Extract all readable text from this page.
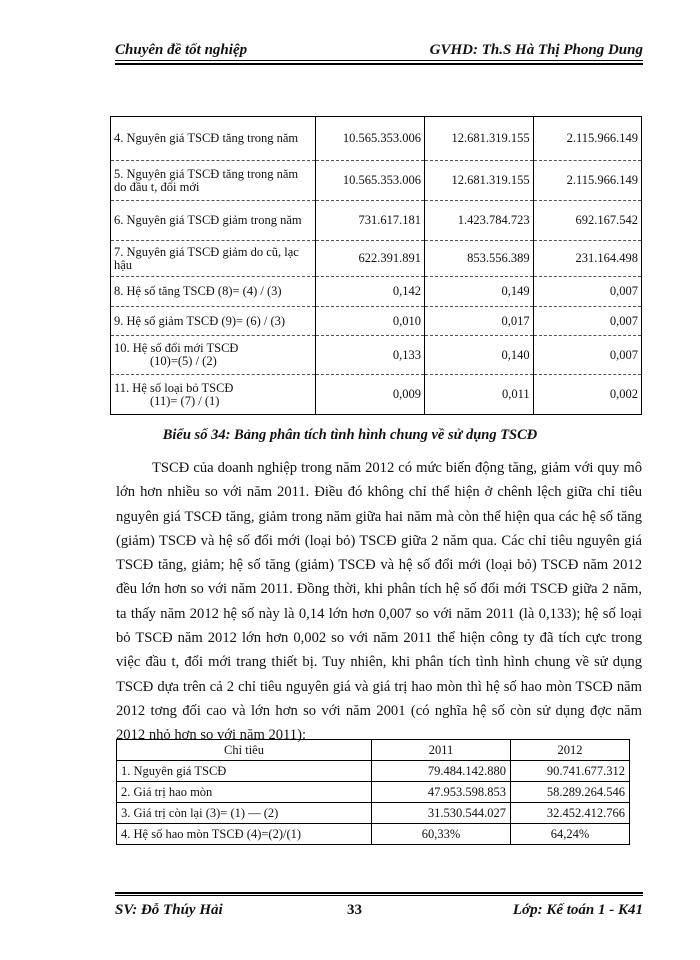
Chuyên đề tốt nghiệp	GVHD: Th.S Hà Thị Phong Dung
4. Nguyên giá TSCĐ tăng trong năm	10.565.353.006	12.681.319.155	2.115.966.149
5. Nguyên giá TSCĐ tăng trong năm do đầu t, đổi mới	10.565.353.006	12.681.319.155	2.115.966.149
6. Nguyên giá TSCĐ giảm trong năm	731.617.181	1.423.784.723	692.167.542
7. Nguyên giá TSCĐ giảm do cũ, lạc hậu	622.391.891	853.556.389	231.164.498
8. Hệ số tăng TSCĐ (8)= (4) / (3)	0,142	0,149	0,007
9. Hệ số giảm TSCĐ (9)= (6) / (3)	0,010	0,017	0,007
10. Hệ số đổi mới TSCĐ
(10)=(5) / (2)	0,133	0,140	0,007
11. Hệ số loại bỏ TSCĐ
(11)= (7) / (1)	0,009	0,011	0,002
Biểu số 34: Bảng phân tích tình hình chung về sử dụng TSCĐ

TSCĐ của doanh nghiệp trong năm 2012 có mức biến động tăng, giảm với quy mô lớn hơn nhiều so với năm 2011. Điều đó không chỉ thể hiện ở chênh lệch giữa chỉ tiêu nguyên giá TSCĐ tăng, giảm trong năm giữa hai năm mà còn thể hiện qua các hệ số tăng (giảm) TSCĐ và hệ số đổi mới (loại bỏ) TSCĐ giữa 2 năm qua. Các chỉ tiêu nguyên giá TSCĐ tăng, giảm; hệ số tăng (giảm) TSCĐ và hệ số đổi mới (loại bỏ) TSCĐ năm 2012 đều lớn hơn so với năm 2011. Đồng thời, khi phân tích hệ số đổi mới TSCĐ giữa 2 năm, ta thấy năm 2012 hệ số này là 0,14 lớn hơn 0,007 so với năm 2011 (là 0,133); hệ số loại bỏ TSCĐ năm 2012 lớn hơn 0,002 so với năm 2011 thể hiện công ty đã tích cực trong việc đầu t, đổi mới trang thiết bị. Tuy nhiên, khi phân tích tình hình chung về sử dụng TSCĐ dựa trên cả 2 chỉ tiêu nguyên giá và giá trị hao mòn thì hệ số hao mòn TSCĐ năm 2012 tơng đối cao và lớn hơn so với năm 2001 (có nghĩa hệ số còn sử dụng đợc năm 2012 nhỏ hơn so với năm 2011):

Chỉ tiêu	2011	2012
1. Nguyên giá TSCĐ	79.484.142.880	90.741.677.312
2. Giá trị hao mòn	47.953.598.853	58.289.264.546
3. Giá trị còn lại (3)= (1) — (2)	31.530.544.027	32.452.412.766
4. Hệ số hao mòn TSCĐ (4)=(2)/(1)	60,33%	64,24%
SV: Đỗ Thúy Hải	33	Lớp: Kế toán 1 - K41
